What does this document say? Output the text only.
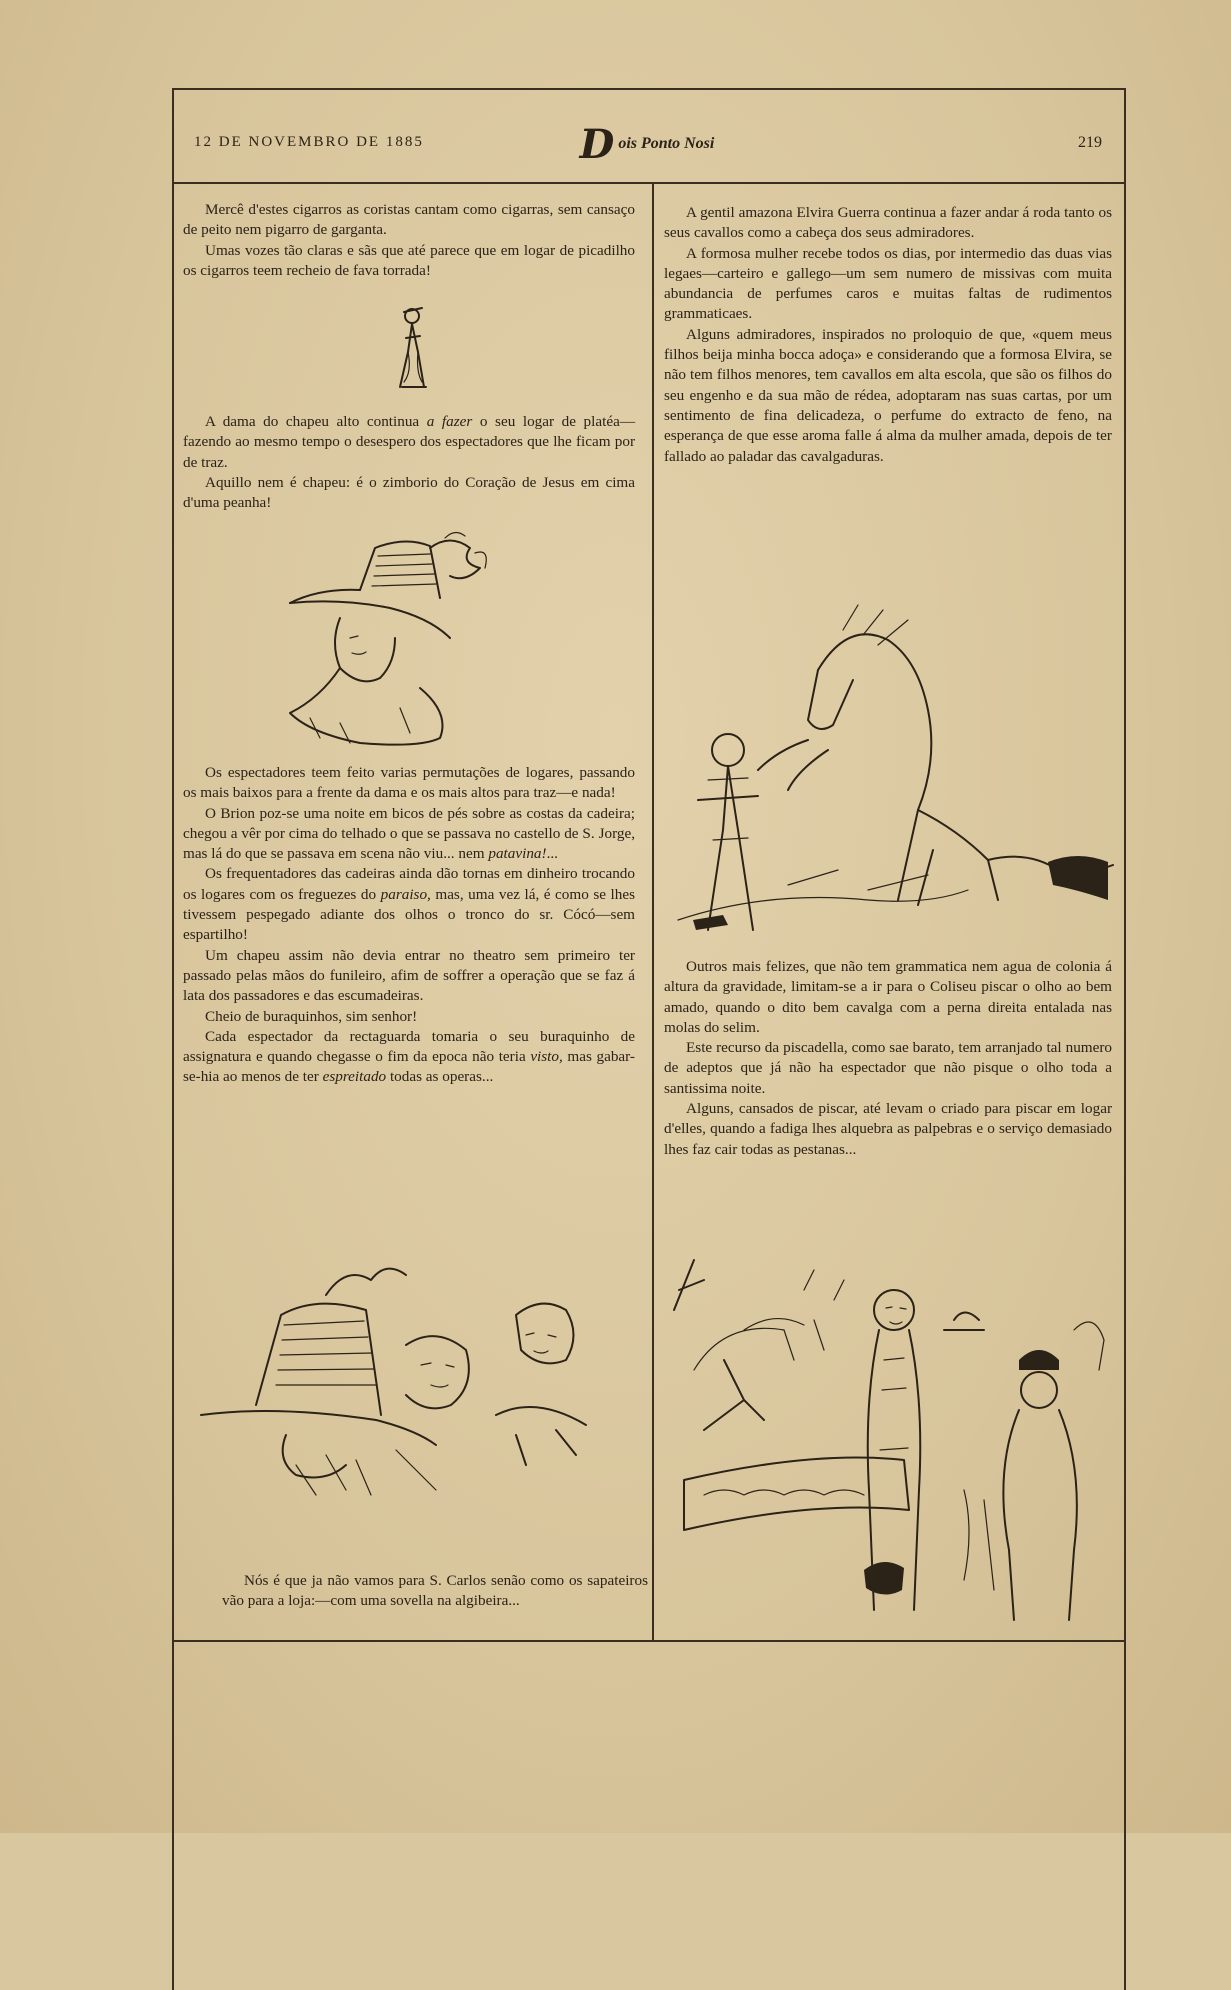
12 DE NOVEMBRO DE 1885	D ois Ponto Nosi	219

Mercê d'estes cigarros as coristas cantam como cigarras, sem cansaço de peito nem pigarro de garganta.

Umas vozes tão claras e sãs que até parece que em logar de picadilho os cigarros teem recheio de fava torrada!

A dama do chapeu alto continua a fazer o seu logar de platéa—fazendo ao mesmo tempo o desespero dos espectadores que lhe ficam por de traz.

Aquillo nem é chapeu: é o zimborio do Coração de Jesus em cima d'uma peanha!

Os espectadores teem feito varias permutações de logares, passando os mais baixos para a frente da dama e os mais altos para traz—e nada!

O Brion poz-se uma noite em bicos de pés sobre as costas da cadeira; chegou a vêr por cima do telhado o que se passava no castello de S. Jorge, mas lá do que se passava em scena não viu... nem patavina!...

Os frequentadores das cadeiras ainda dão tornas em dinheiro trocando os logares com os freguezes do paraiso, mas, uma vez lá, é como se lhes tivessem pespegado adiante dos olhos o tronco do sr. Cócó—sem espartilho!

Um chapeu assim não devia entrar no theatro sem primeiro ter passado pelas mãos do funileiro, afim de soffrer a operação que se faz á lata dos passadores e das escumadeiras.

Cheio de buraquinhos, sim senhor!

Cada espectador da rectaguarda tomaria o seu buraquinho de assignatura e quando chegasse o fim da epoca não teria visto, mas gabar-se-hia ao menos de ter espreitado todas as operas...

Nós é que ja não vamos para S. Carlos senão como os sapateiros vão para a loja:—com uma sovella na algibeira...

A gentil amazona Elvira Guerra continua a fazer andar á roda tanto os seus cavallos como a cabeça dos seus admiradores.

A formosa mulher recebe todos os dias, por intermedio das duas vias legaes—carteiro e gallego—um sem numero de missivas com muita abundancia de perfumes caros e muitas faltas de rudimentos grammaticaes.

Alguns admiradores, inspirados no proloquio de que, «quem meus filhos beija minha bocca adoça» e considerando que a formosa Elvira, se não tem filhos menores, tem cavallos em alta escola, que são os filhos do seu engenho e da sua mão de rédea, adoptaram nas suas cartas, por um sentimento de fina delicadeza, o perfume do extracto de feno, na esperança de que esse aroma falle á alma da mulher amada, depois de ter fallado ao paladar das cavalgaduras.

Outros mais felizes, que não tem grammatica nem agua de colonia á altura da gravidade, limitam-se a ir para o Coliseu piscar o olho ao bem amado, quando o dito bem cavalga com a perna direita entalada nas molas do selim.

Este recurso da piscadella, como sae barato, tem arranjado tal numero de adeptos que já não ha espectador que não pisque o olho toda a santissima noite.

Alguns, cansados de piscar, até levam o criado para piscar em logar d'elles, quando a fadiga lhes alquebra as palpebras e o serviço demasiado lhes faz cair todas as pestanas...
